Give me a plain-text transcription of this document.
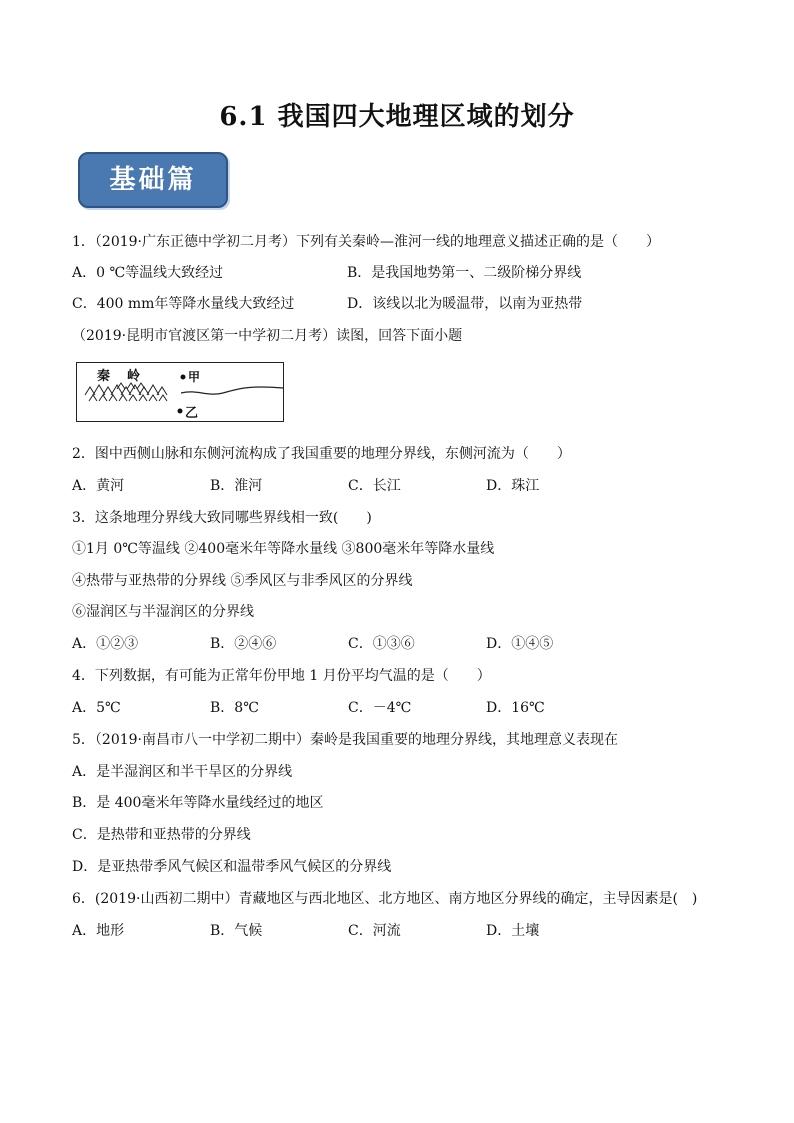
6.1 我国四大地理区域的划分
基础篇
1．（2019·广东正德中学初二月考）下列有关秦岭—淮河一线的地理意义描述正确的是（　　）
A．0 ℃等温线大致经过	B．是我国地势第一、二级阶梯分界线
C．400 mm年等降水量线大致经过	D．该线以北为暖温带，以南为亚热带
（2019·昆明市官渡区第一中学初二月考）读图，回答下面小题
秦　岭	甲
乙
2．图中西侧山脉和东侧河流构成了我国重要的地理分界线，东侧河流为（　　）
A．黄河	B．淮河	C．长江	D．珠江
3．这条地理分界线大致同哪些界线相一致(　　)
①1月 0℃等温线 ②400毫米年等降水量线 ③800毫米年等降水量线
④热带与亚热带的分界线 ⑤季风区与非季风区的分界线
⑥湿润区与半湿润区的分界线
A．①②③	B．②④⑥	C．①③⑥	D．①④⑤
4．下列数据，有可能为正常年份甲地 1 月份平均气温的是（　　）
A．5℃	B．8℃	C．－4℃	D．16℃
5．（2019·南昌市八一中学初二期中）秦岭是我国重要的地理分界线，其地理意义表现在
A．是半湿润区和半干旱区的分界线
B．是 400毫米年等降水量线经过的地区
C．是热带和亚热带的分界线
D．是亚热带季风气候区和温带季风气候区的分界线
6．(2019·山西初二期中）青藏地区与西北地区、北方地区、南方地区分界线的确定，主导因素是(　)
A．地形	B．气候	C．河流	D．土壤
